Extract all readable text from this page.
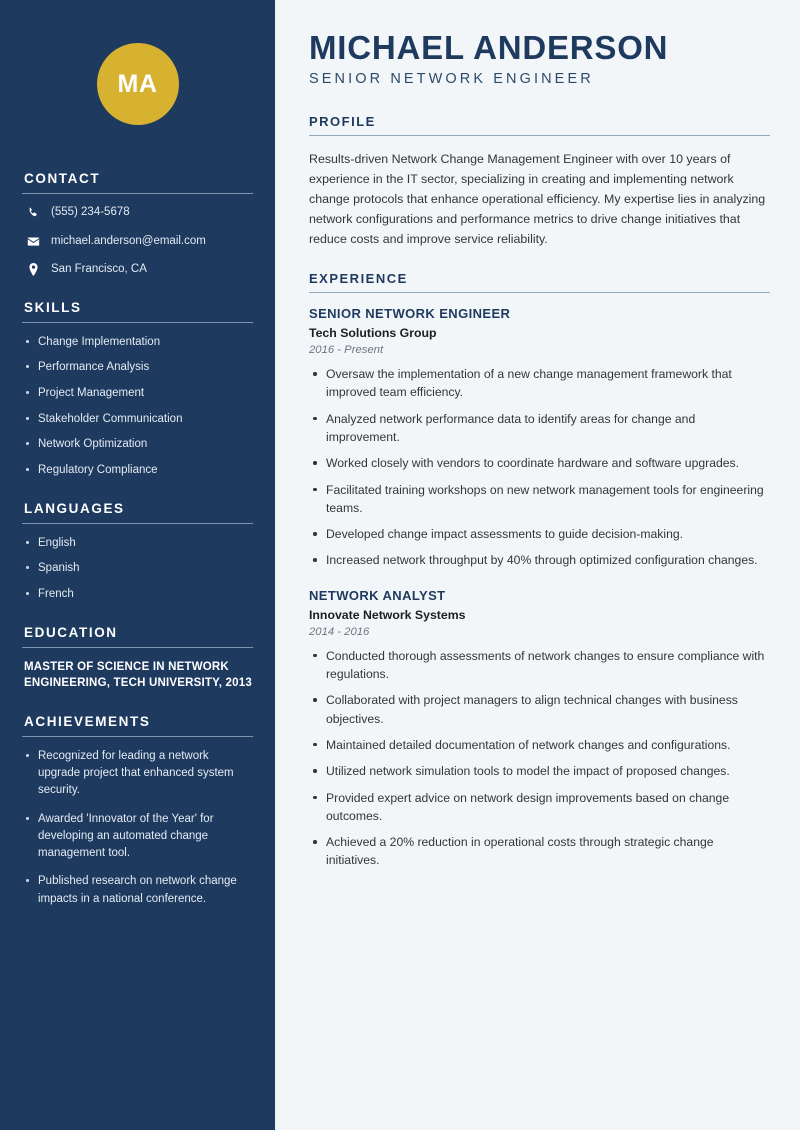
MA
CONTACT
(555) 234-5678
michael.anderson@email.com
San Francisco, CA
SKILLS
Change Implementation
Performance Analysis
Project Management
Stakeholder Communication
Network Optimization
Regulatory Compliance
LANGUAGES
English
Spanish
French
EDUCATION
MASTER OF SCIENCE IN NETWORK ENGINEERING, TECH UNIVERSITY, 2013
ACHIEVEMENTS
Recognized for leading a network upgrade project that enhanced system security.
Awarded 'Innovator of the Year' for developing an automated change management tool.
Published research on network change impacts in a national conference.
MICHAEL ANDERSON
SENIOR NETWORK ENGINEER
PROFILE

Results-driven Network Change Management Engineer with over 10 years of experience in the IT sector, specializing in creating and implementing network change protocols that enhance operational efficiency. My expertise lies in analyzing network configurations and performance metrics to drive change initiatives that reduce costs and improve service reliability.

EXPERIENCE
SENIOR NETWORK ENGINEER
Tech Solutions Group
2016 - Present
Oversaw the implementation of a new change management framework that improved team efficiency.
Analyzed network performance data to identify areas for change and improvement.
Worked closely with vendors to coordinate hardware and software upgrades.
Facilitated training workshops on new network management tools for engineering teams.
Developed change impact assessments to guide decision-making.
Increased network throughput by 40% through optimized configuration changes.
NETWORK ANALYST
Innovate Network Systems
2014 - 2016
Conducted thorough assessments of network changes to ensure compliance with regulations.
Collaborated with project managers to align technical changes with business objectives.
Maintained detailed documentation of network changes and configurations.
Utilized network simulation tools to model the impact of proposed changes.
Provided expert advice on network design improvements based on change outcomes.
Achieved a 20% reduction in operational costs through strategic change initiatives.
